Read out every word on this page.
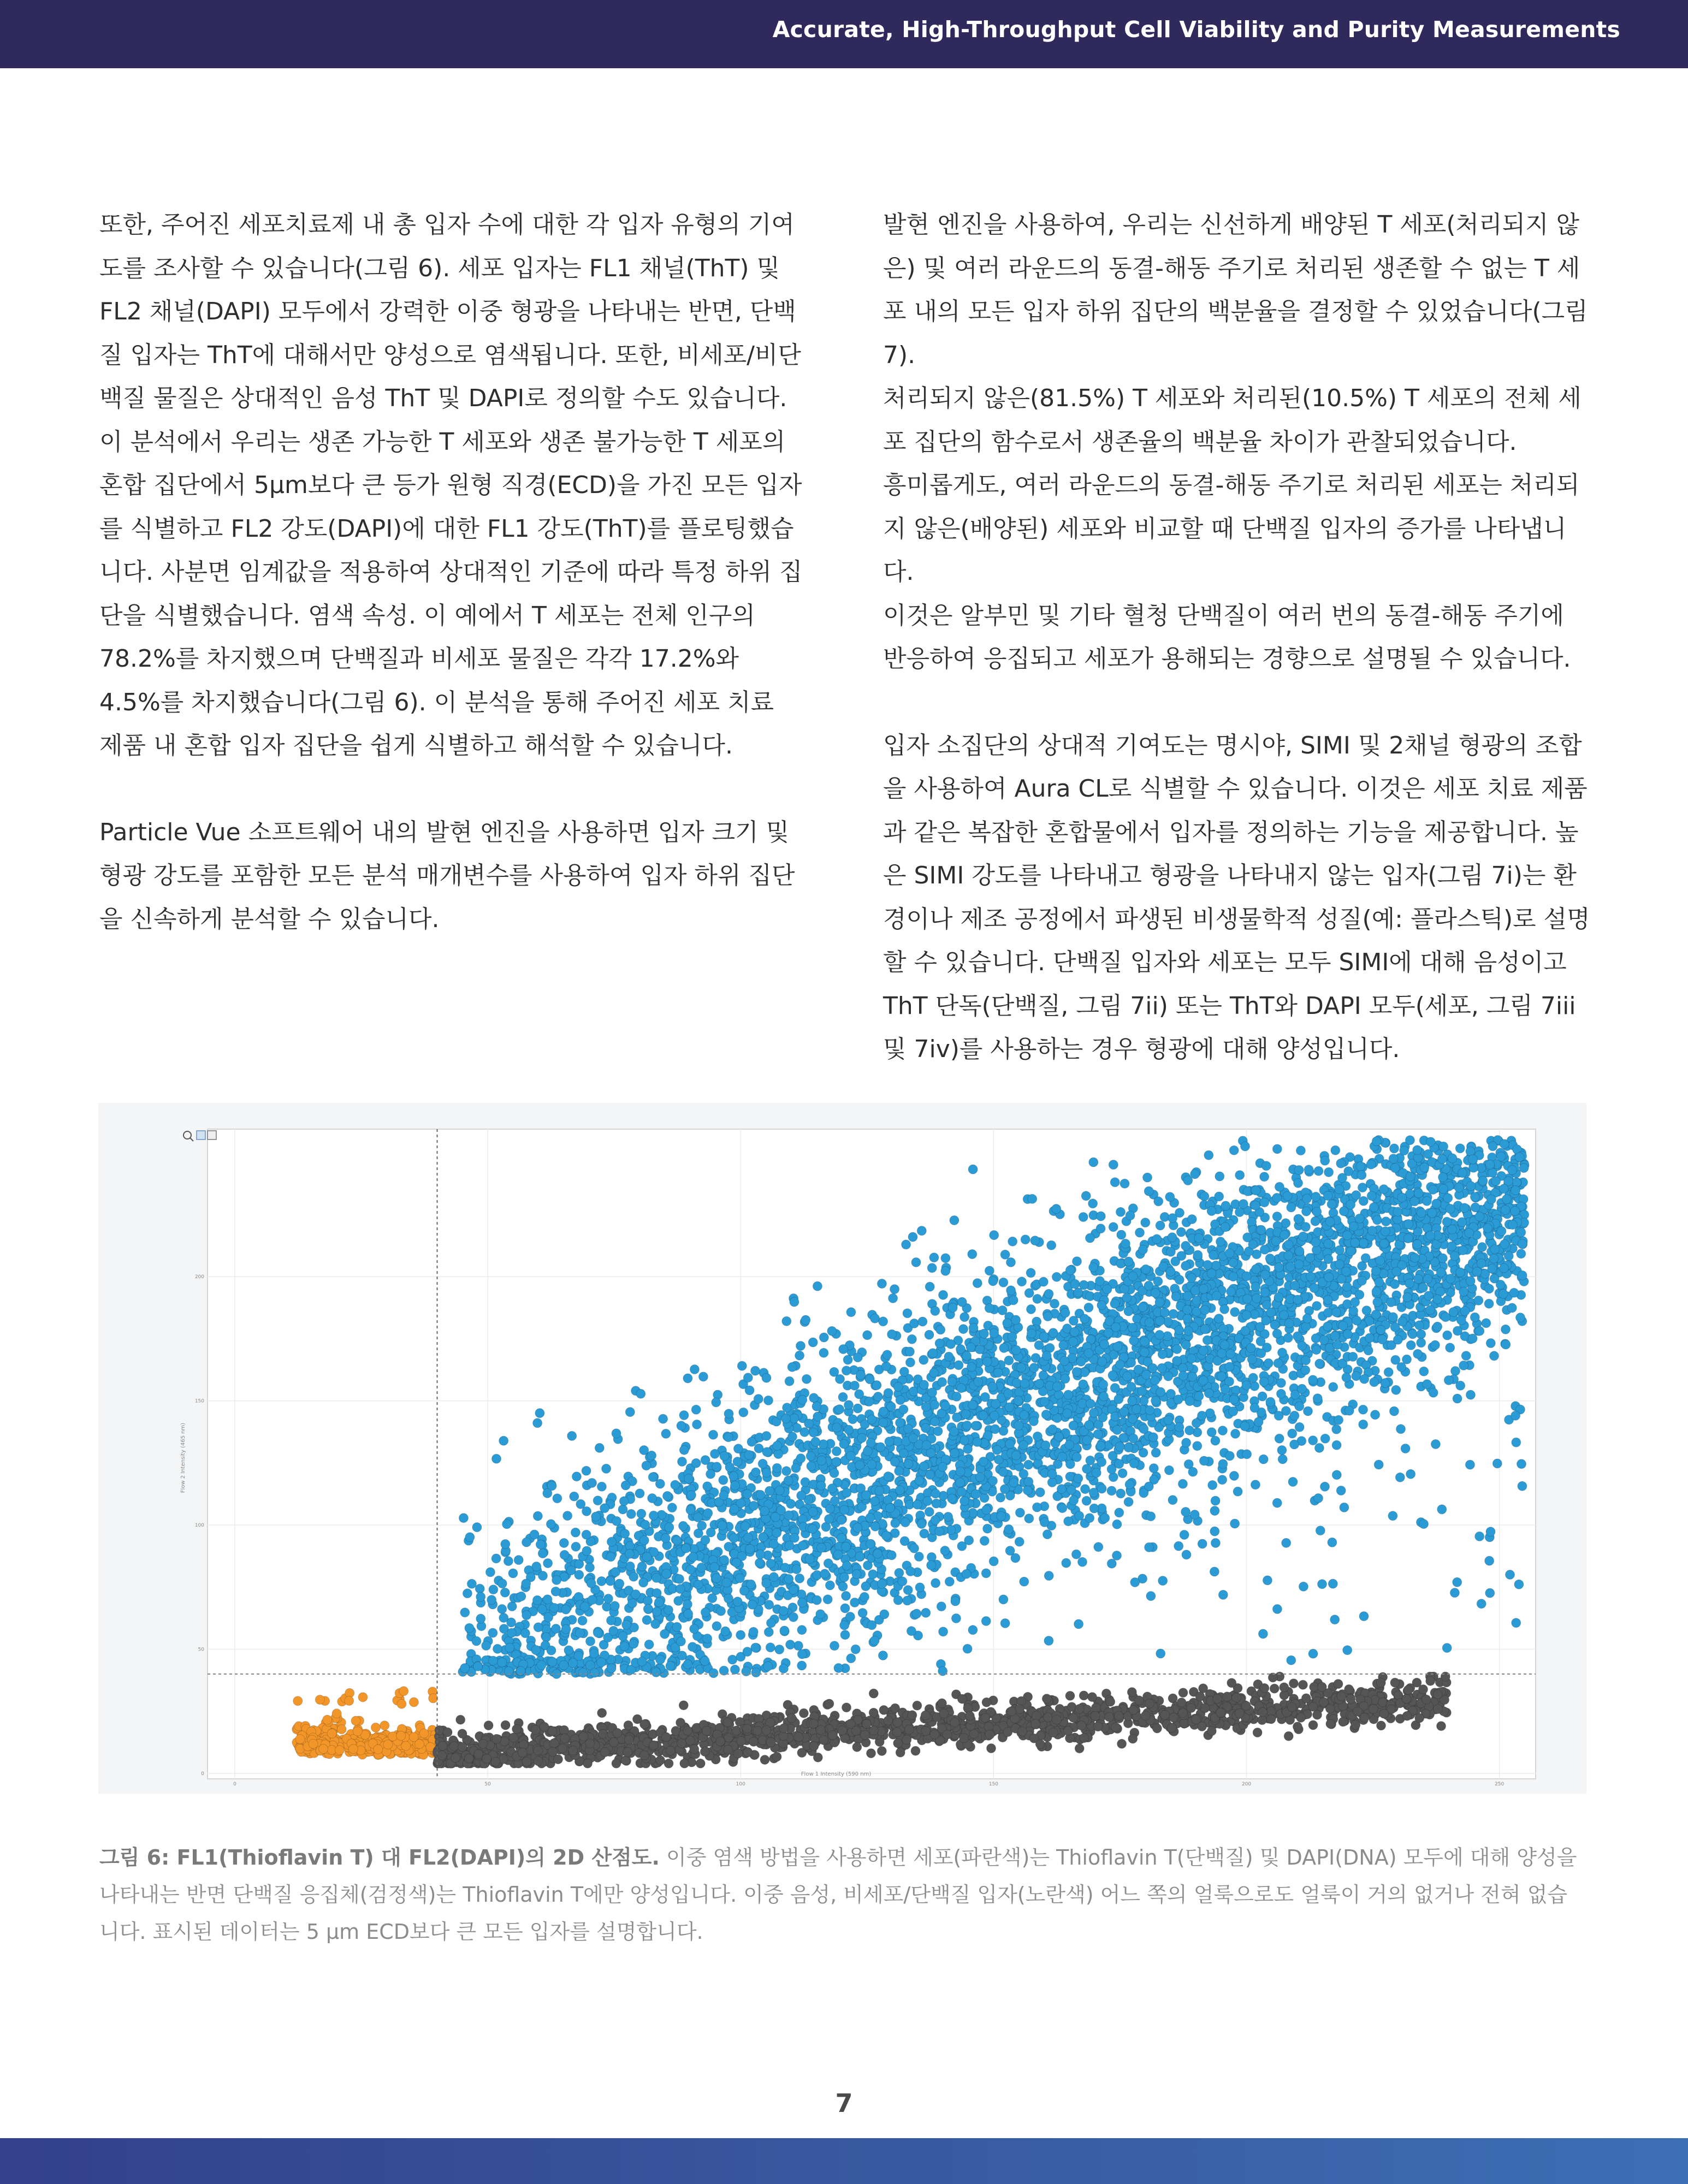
Accurate, High-Throughput Cell Viability and Purity Measurements

또한, 주어진 세포치료제 내 총 입자 수에 대한 각 입자 유형의 기여도를 조사할 수 있습니다(그림 6). 세포 입자는 FL1 채널(ThT) 및 FL2 채널(DAPI) 모두에서 강력한 이중 형광을 나타내는 반면, 단백질 입자는 ThT에 대해서만 양성으로 염색됩니다. 또한, 비세포/비단백질 물질은 상대적인 음성 ThT 및 DAPI로 정의할 수도 있습니다. 이 분석에서 우리는 생존 가능한 T 세포와 생존 불가능한 T 세포의 혼합 집단에서 5μm보다 큰 등가 원형 직경(ECD)을 가진 모든 입자를 식별하고 FL2 강도(DAPI)에 대한 FL1 강도(ThT)를 플로팅했습니다. 사분면 임계값을 적용하여 상대적인 기준에 따라 특정 하위 집단을 식별했습니다. 염색 속성. 이 예에서 T 세포는 전체 인구의 78.2%를 차지했으며 단백질과 비세포 물질은 각각 17.2%와 4.5%를 차지했습니다(그림 6). 이 분석을 통해 주어진 세포 치료 제품 내 혼합 입자 집단을 쉽게 식별하고 해석할 수 있습니다.

Particle Vue 소프트웨어 내의 발현 엔진을 사용하면 입자 크기 및 형광 강도를 포함한 모든 분석 매개변수를 사용하여 입자 하위 집단을 신속하게 분석할 수 있습니다.

발현 엔진을 사용하여, 우리는 신선하게 배양된 T 세포(처리되지 않은) 및 여러 라운드의 동결-해동 주기로 처리된 생존할 수 없는 T 세포 내의 모든 입자 하위 집단의 백분율을 결정할 수 있었습니다(그림 7).

처리되지 않은(81.5%) T 세포와 처리된(10.5%) T 세포의 전체 세포 집단의 함수로서 생존율의 백분율 차이가 관찰되었습니다.

흥미롭게도, 여러 라운드의 동결-해동 주기로 처리된 세포는 처리되지 않은(배양된) 세포와 비교할 때 단백질 입자의 증가를 나타냅니다.

이것은 알부민 및 기타 혈청 단백질이 여러 번의 동결-해동 주기에 반응하여 응집되고 세포가 용해되는 경향으로 설명될 수 있습니다.

입자 소집단의 상대적 기여도는 명시야, SIMI 및 2채널 형광의 조합을 사용하여 Aura CL로 식별할 수 있습니다. 이것은 세포 치료 제품과 같은 복잡한 혼합물에서 입자를 정의하는 기능을 제공합니다. 높은 SIMI 강도를 나타내고 형광을 나타내지 않는 입자(그림 7i)는 환경이나 제조 공정에서 파생된 비생물학적 성질(예: 플라스틱)로 설명할 수 있습니다. 단백질 입자와 세포는 모두 SIMI에 대해 음성이고 ThT 단독(단백질, 그림 7ii) 또는 ThT와 DAPI 모두(세포, 그림 7iii 및 7iv)를 사용하는 경우 형광에 대해 양성입니다.

0	50	100	150	200	250
0
50
100
150
200
Flow 1 Intensity (590 nm)
Flow 2 Intensity (465 nm)
그림 6: FL1(Thioflavin T) 대 FL2(DAPI)의 2D 산점도. 이중 염색 방법을 사용하면 세포(파란색)는 Thioflavin T(단백질) 및 DAPI(DNA) 모두에 대해 양성을 나타내는 반면 단백질 응집체(검정색)는 Thioflavin T에만 양성입니다. 이중 음성, 비세포/단백질 입자(노란색) 어느 쪽의 얼룩으로도 얼룩이 거의 없거나 전혀 없습니다. 표시된 데이터는 5 μm ECD보다 큰 모든 입자를 설명합니다.
7
